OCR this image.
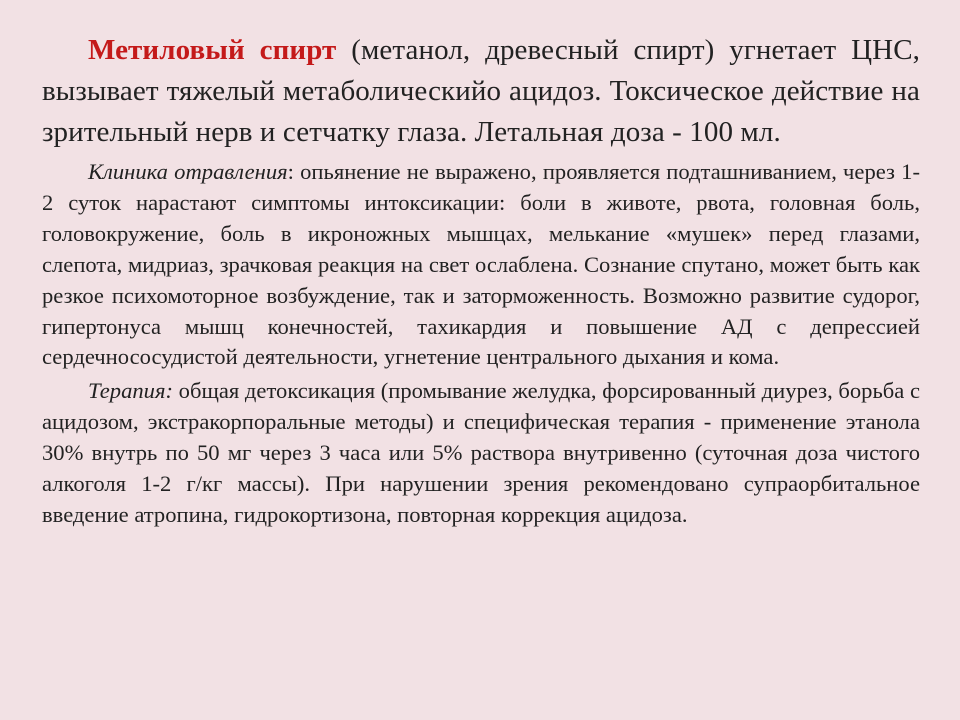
Метиловый спирт (метанол, древесный спирт) угнетает ЦНС, вызывает тяжелый метаболическийо ацидоз. Токсическое действие на зрительный нерв и сетчатку глаза. Летальная доза - 100 мл.

Клиника отравления: опьянение не выражено, проявляется подташниванием, через 1-2 суток нарастают симптомы интоксикации: боли в животе, рвота, головная боль, головокружение, боль в икроножных мышцах, мелькание «мушек» перед глазами, слепота, мидриаз, зрачковая реакция на свет ослаблена. Сознание спутано, может быть как резкое психомоторное возбуждение, так и заторможенность. Возможно развитие судорог, гипертонуса мышц конечностей, тахикардия и повышение АД с депрессией сердечнососудистой деятельности, угнетение центрального дыхания и кома.

Терапия: общая детоксикация (промывание желудка, форсированный диурез, борьба с ацидозом, экстракорпоральные методы) и специфическая терапия - применение этанола 30% внутрь по 50 мг через 3 часа или 5% раствора внутривенно (суточная доза чистого алкоголя 1-2 г/кг массы). При нарушении зрения рекомендовано супраорбитальное введение атропина, гидрокортизона, повторная коррекция ацидоза.
